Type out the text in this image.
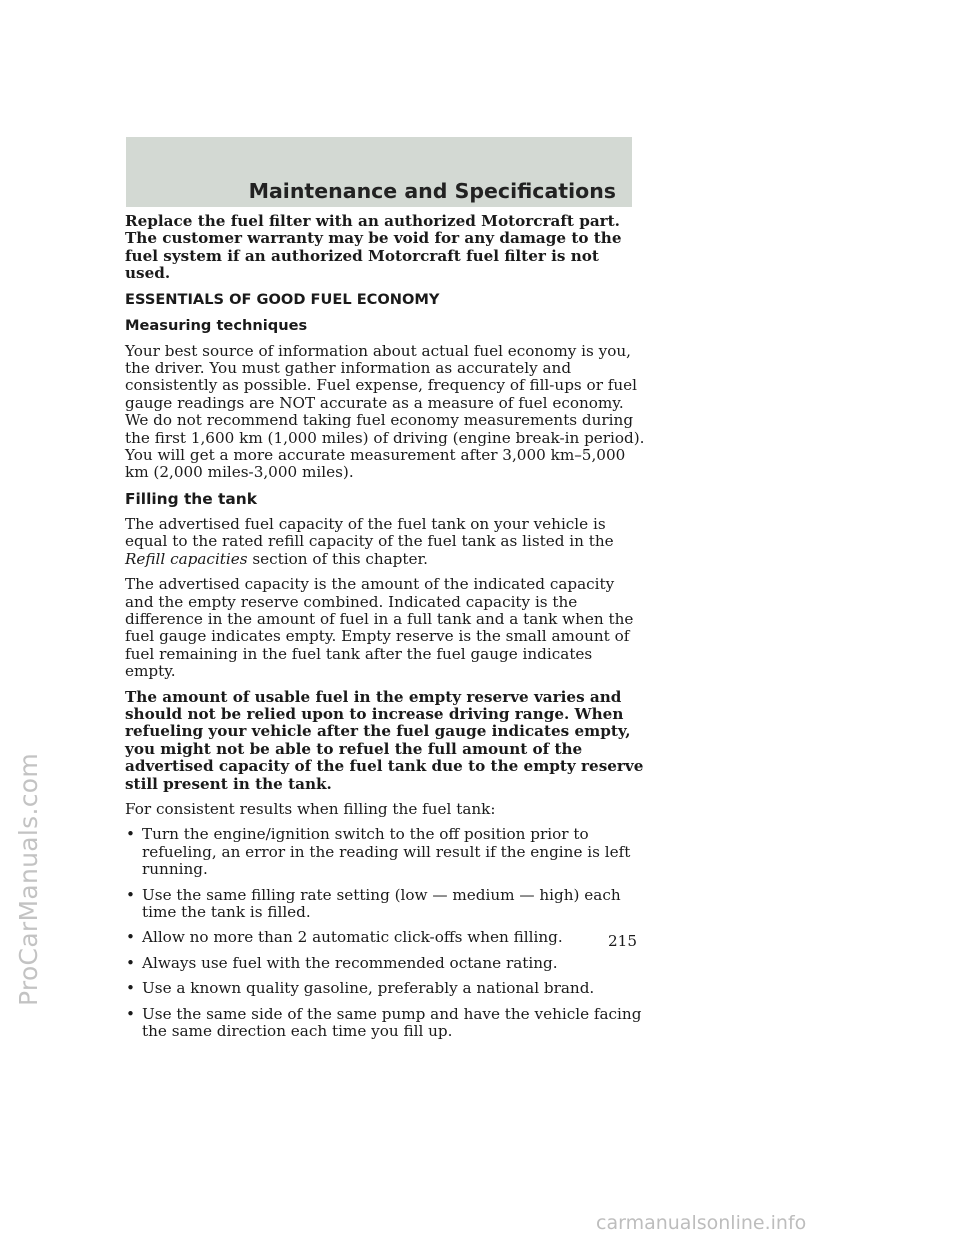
Maintenance and Specifications

Replace the fuel filter with an authorized Motorcraft part. The customer warranty may be void for any damage to the fuel system if an authorized Motorcraft fuel filter is not used.

ESSENTIALS OF GOOD FUEL ECONOMY
Measuring techniques

Your best source of information about actual fuel economy is you, the driver. You must gather information as accurately and consistently as possible. Fuel expense, frequency of fill-ups or fuel gauge readings are NOT accurate as a measure of fuel economy. We do not recommend taking fuel economy measurements during the first 1,600 km (1,000 miles) of driving (engine break-in period). You will get a more accurate measurement after 3,000 km–5,000 km (2,000 miles-3,000 miles).

Filling the tank

The advertised fuel capacity of the fuel tank on your vehicle is equal to the rated refill capacity of the fuel tank as listed in the Refill capacities section of this chapter.

The advertised capacity is the amount of the indicated capacity and the empty reserve combined. Indicated capacity is the difference in the amount of fuel in a full tank and a tank when the fuel gauge indicates empty. Empty reserve is the small amount of fuel remaining in the fuel tank after the fuel gauge indicates empty.

The amount of usable fuel in the empty reserve varies and should not be relied upon to increase driving range. When refueling your vehicle after the fuel gauge indicates empty, you might not be able to refuel the full amount of the advertised capacity of the fuel tank due to the empty reserve still present in the tank.

For consistent results when filling the fuel tank:

• Turn the engine/ignition switch to the off position prior to refueling, an error in the reading will result if the engine is left running.
• Use the same filling rate setting (low — medium — high) each time the tank is filled.
• Allow no more than 2 automatic click-offs when filling.
• Always use fuel with the recommended octane rating.
• Use a known quality gasoline, preferably a national brand.
• Use the same side of the same pump and have the vehicle facing the same direction each time you fill up.
215
ProCarManuals.com
carmanualsonline.info
